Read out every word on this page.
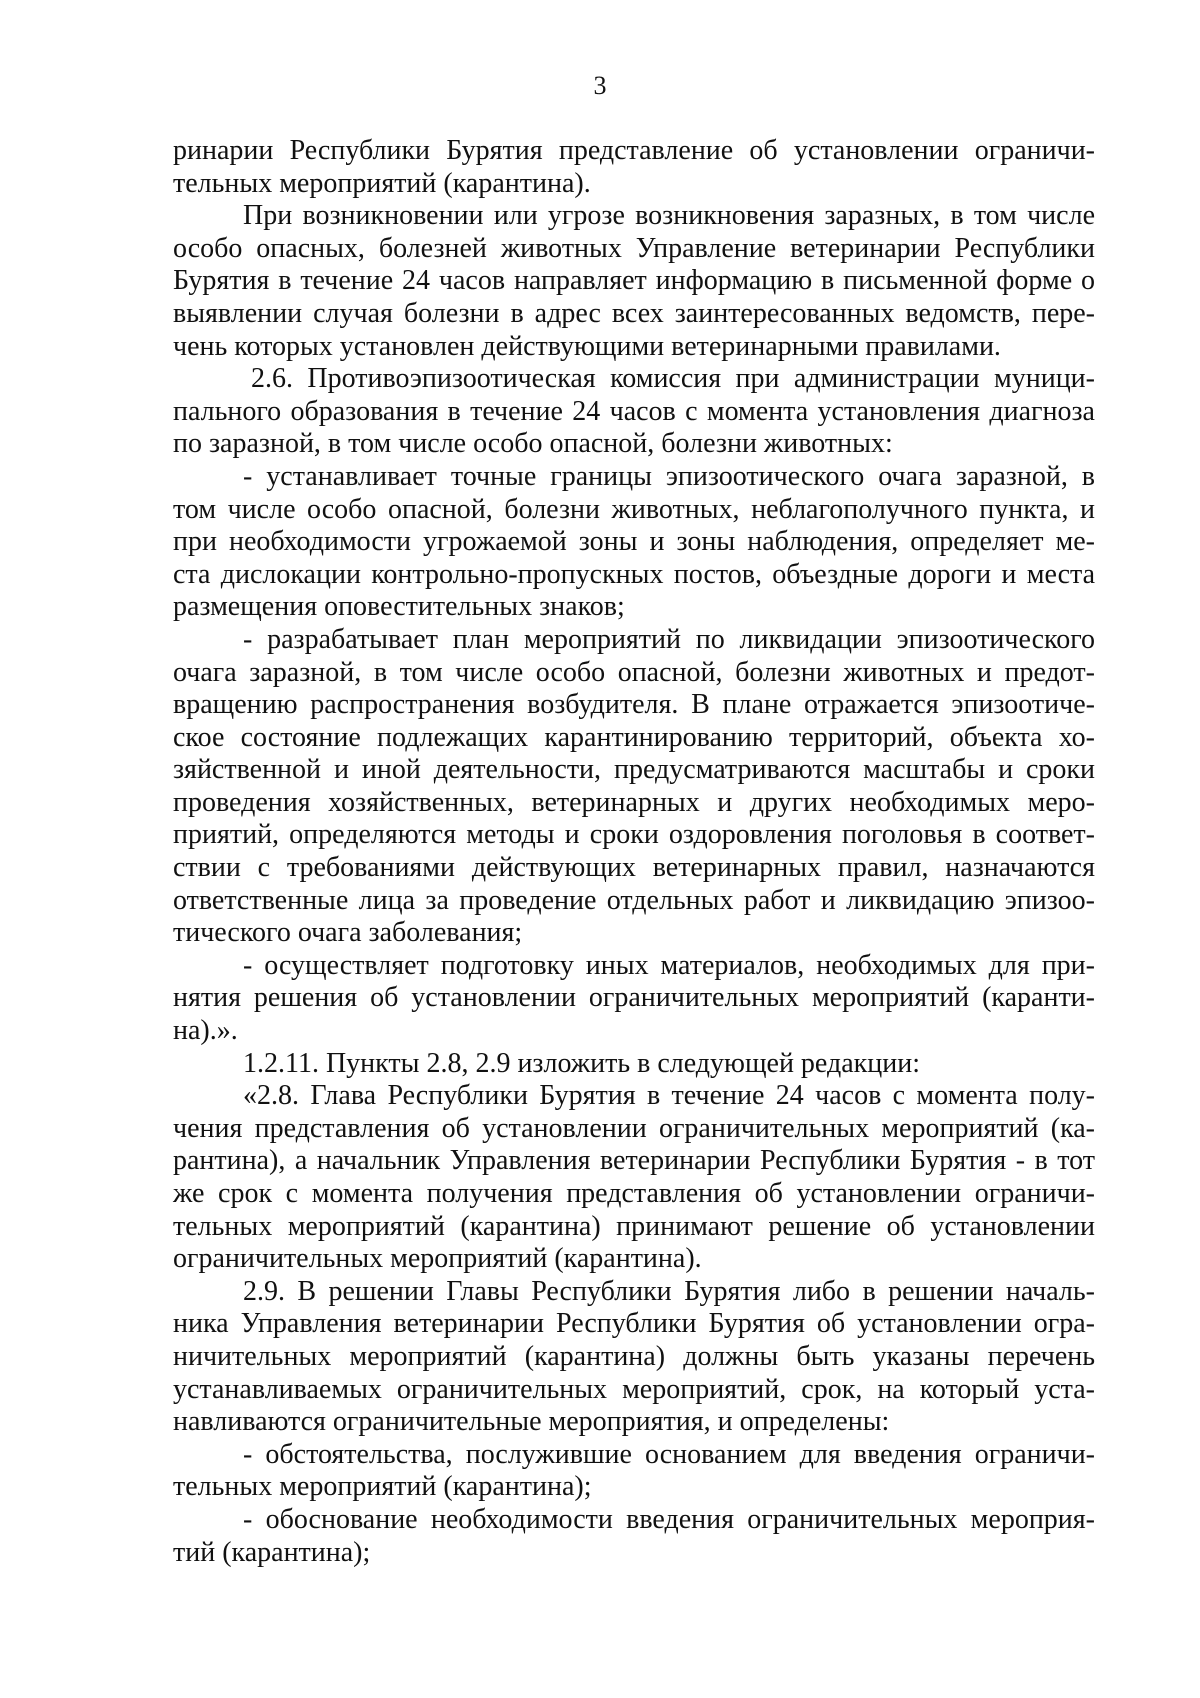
3

ринарии Республики Бурятия представление об установлении ограничи-
тельных мероприятий (карантина).

При возникновении или угрозе возникновения заразных, в том числе
особо опасных, болезней животных Управление ветеринарии Республики
Бурятия в течение 24 часов направляет информацию в письменной форме о
выявлении случая болезни в адрес всех заинтересованных ведомств, пере-
чень которых установлен действующими ветеринарными правилами.

2.6. Противоэпизоотическая комиссия при администрации муници-
пального образования в течение 24 часов с момента установления диагноза
по заразной, в том числе особо опасной, болезни животных:

- устанавливает точные границы эпизоотического очага заразной, в
том числе особо опасной, болезни животных, неблагополучного пункта, и
при необходимости угрожаемой зоны и зоны наблюдения, определяет ме-
ста дислокации контрольно-пропускных постов, объездные дороги и места
размещения оповестительных знаков;

- разрабатывает план мероприятий по ликвидации эпизоотического
очага заразной, в том числе особо опасной, болезни животных и предот-
вращению распространения возбудителя. В плане отражается эпизоотиче-
ское состояние подлежащих карантинированию территорий, объекта хо-
зяйственной и иной деятельности, предусматриваются масштабы и сроки
проведения хозяйственных, ветеринарных и других необходимых меро-
приятий, определяются методы и сроки оздоровления поголовья в соответ-
ствии с требованиями действующих ветеринарных правил, назначаются
ответственные лица за проведение отдельных работ и ликвидацию эпизоо-
тического очага заболевания;

- осуществляет подготовку иных материалов, необходимых для при-
нятия решения об установлении ограничительных мероприятий (каранти-
на).».

1.2.11. Пункты 2.8, 2.9 изложить в следующей редакции:

«2.8. Глава Республики Бурятия в течение 24 часов с момента полу-
чения представления об установлении ограничительных мероприятий (ка-
рантина), а начальник Управления ветеринарии Республики Бурятия - в тот
же срок с момента получения представления об установлении ограничи-
тельных мероприятий (карантина) принимают решение об установлении
ограничительных мероприятий (карантина).

2.9. В решении Главы Республики Бурятия либо в решении началь-
ника Управления ветеринарии Республики Бурятия об установлении огра-
ничительных мероприятий (карантина) должны быть указаны перечень
устанавливаемых ограничительных мероприятий, срок, на который уста-
навливаются ограничительные мероприятия, и определены:

- обстоятельства, послужившие основанием для введения ограничи-
тельных мероприятий (карантина);

- обоснование необходимости введения ограничительных мероприя-
тий (карантина);
